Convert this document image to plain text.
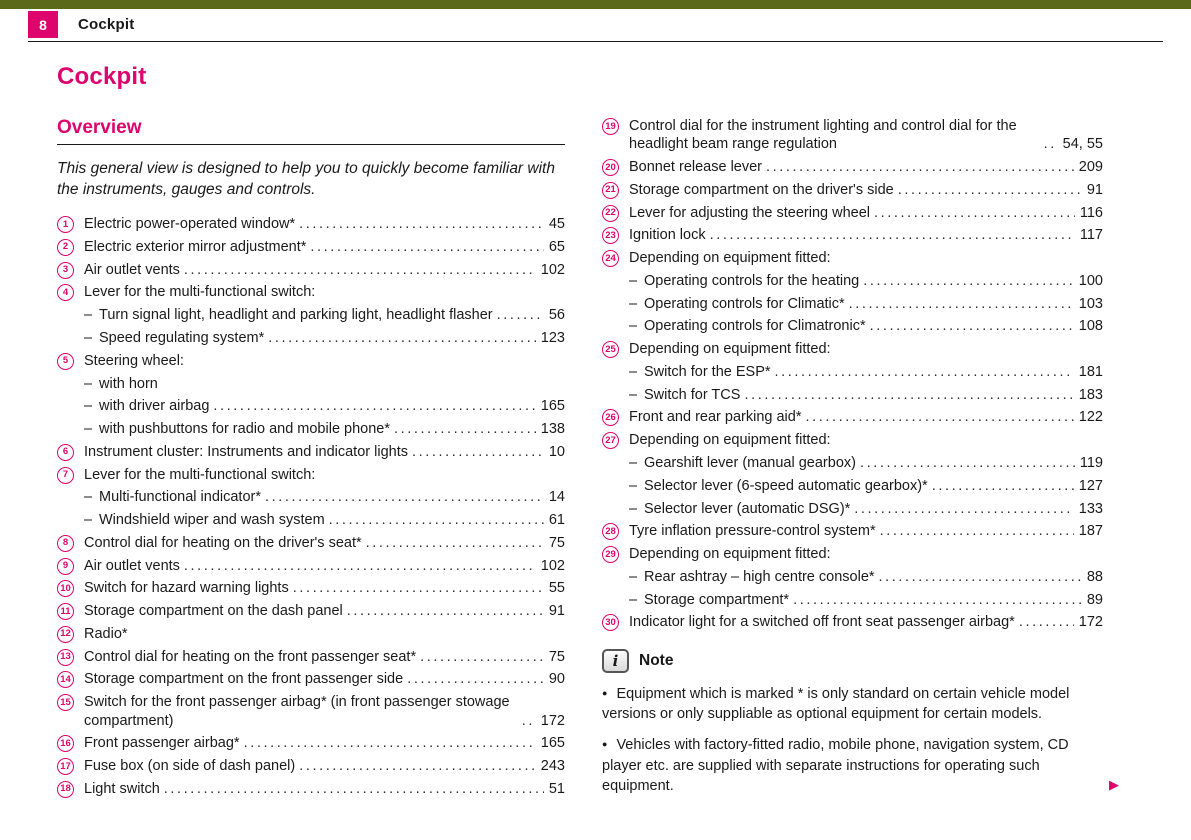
8	Cockpit
Cockpit
Overview

This general view is designed to help you to quickly become familiar with the instruments, gauges and controls.

1	Electric power-operated window* .....	45
2	Electric exterior mirror adjustment* .....	65
3	Air outlet vents .....	102
4	Lever for the multi-functional switch:
– Turn signal light, headlight and parking light, headlight flasher .....	56
– Speed regulating system* .....	123
5	Steering wheel:
– with horn
– with driver airbag .....	165
– with pushbuttons for radio and mobile phone* .....	138
6	Instrument cluster: Instruments and indicator lights .....	10
7	Lever for the multi-functional switch:
– Multi-functional indicator* .....	14
– Windshield wiper and wash system .....	61
8	Control dial for heating on the driver's seat* .....	75
9	Air outlet vents .....	102
10 Switch for hazard warning lights .....	55
11 Storage compartment on the dash panel .....	91
12 Radio*
13 Control dial for heating on the front passenger seat* .....	75
14 Storage compartment on the front passenger side .....	90
15 Switch for the front passenger airbag* (in front passenger stowage compartment) .....	172
16 Front passenger airbag* .....	165
17 Fuse box (on side of dash panel) .....	243
18 Light switch .....	51
19 Control dial for the instrument lighting and control dial for the headlight beam range regulation .....	54, 55
20 Bonnet release lever .....	209
21 Storage compartment on the driver's side .....	91
22 Lever for adjusting the steering wheel .....	116
23 Ignition lock .....	117
24 Depending on equipment fitted:
– Operating controls for the heating .....	100
– Operating controls for Climatic* .....	103
– Operating controls for Climatronic* .....	108
25 Depending on equipment fitted:
– Switch for the ESP* .....	181
– Switch for TCS .....	183
26 Front and rear parking aid* .....	122
27 Depending on equipment fitted:
– Gearshift lever (manual gearbox) .....	119
– Selector lever (6-speed automatic gearbox)* .....	127
– Selector lever (automatic DSG)* .....	133
28 Tyre inflation pressure-control system* .....	187
29 Depending on equipment fitted:
– Rear ashtray – high centre console* .....	88
– Storage compartment* .....	89
30 Indicator light for a switched off front seat passenger airbag* .....	172
i	Note

● Equipment which is marked * is only standard on certain vehicle model versions or only suppliable as optional equipment for certain models.

● Vehicles with factory-fitted radio, mobile phone, navigation system, CD player etc. are supplied with separate instructions for operating such equipment.	▶
